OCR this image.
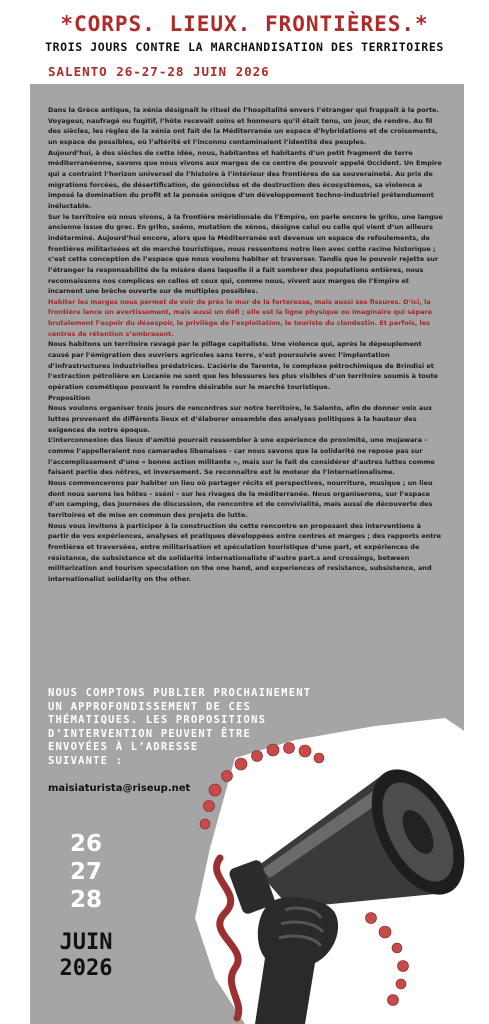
*CORPS. LIEUX. FRONTIÈRES.*
TROIS JOURS CONTRE LA MARCHANDISATION DES TERRITOIRES
SALENTO 26-27-28 JUIN 2026

Dans la Grèce antique, la xénia désignait le rituel de l’hospitalité envers l’étranger qui frappait à la porte. Voyageur, naufragé ou fugitif, l’hôte recevait soins et honneurs qu’il était tenu, un jour, de rendre. Au fil des siècles, les règles de la xénia ont fait de la Méditerranée un espace d’hybridations et de croisements, un espace de possibles, où l’altérité et l’inconnu contaminaient l’identité des peuples.

Aujourd’hui, à des siècles de cette idée, nous, habitantes et habitants d’un petit fragment de terre méditerranéenne, savons que nous vivons aux marges de ce centre de pouvoir appelé Occident. Un Empire qui a contraint l’horizon universel de l’histoire à l’intérieur des frontières de sa souveraineté. Au prix de migrations forcées, de désertification, de génocides et de destruction des écosystèmes, sa violence a imposé la domination du profit et la pensée unique d’un développement techno-industriel prétendument inéluctable.

Sur le territoire où nous vivons, à la frontière méridionale de l’Empire, on parle encore le griko, une langue ancienne issue du grec. En griko, sséno, mutation de xénos, désigne celui ou celle qui vient d’un ailleurs indéterminé. Aujourd’hui encore, alors que la Méditerranée est devenue un espace de refoulements, de frontières militarisées et de marché touristique, nous ressentons notre lien avec cette racine historique ; c’est cette conception de l’espace que nous voulons habiter et traverser. Tandis que le pouvoir rejette sur l’étranger la responsabilité de la misère dans laquelle il a fait sombrer des populations entières, nous reconnaissons nos complices en celles et ceux qui, comme nous, vivent aux marges de l’Empire et incarnent une brèche ouverte sur de multiples possibles.

Habiter les marges nous permet de voir de près le mur de la forteresse, mais aussi ses fissures. D’ici, la frontière lance un avertissement, mais aussi un défi ; elle est la ligne physique ou imaginaire qui sépare brutalement l’espoir du désespoir, le privilège de l’exploitation, le touriste du clandestin. Et parfois, les centres de rétention s’embrasent.

Nous habitons un territoire ravagé par le pillage capitaliste. Une violence qui, après le dépeuplement causé par l’émigration des ouvriers agricoles sans terre, s’est poursuivie avec l’implantation d’infrastructures industrielles prédatrices. L’aciérie de Tarente, le complexe pétrochimique de Brindisi et l’extraction pétrolière en Lucanie ne sont que les blessures les plus visibles d’un territoire soumis à toute opération cosmétique pouvant le rendre désirable sur le marché touristique.

Proposition

Nous voulons organiser trois jours de rencontres sur notre territoire, le Salento, afin de donner voix aux luttes provenant de différents lieux et d’élaborer ensemble des analyses politiques à la hauteur des exigences de notre époque.

L’interconnexion des lieux d’amitié pourrait ressembler à une expérience de proximité, une mujawara - comme l’appelleraient nos camarades libanaises - car nous savons que la solidarité ne repose pas sur l’accomplissement d’une « bonne action militante », mais sur le fait de considérer d’autres luttes comme faisant partie des nôtres, et inversement. Se reconnaître est le moteur de l’internationalisme.

Nous commencerons par habiter un lieu où partager récits et perspectives, nourriture, musique ; un lieu dont nous serons les hôtes – sséni – sur les rivages de la méditerranée. Nous organiserons, sur l’espace d’un camping, des journées de discussion, de rencontre et de convivialité, mais aussi de découverte des territoires et de mise en commun des projets de lutte.

Nous vous invitons à participer à la construction de cette rencontre en proposant des interventions à partir de vos expériences, analyses et pratiques développées entre centres et marges ; des rapports entre frontières et traversées, entre militarisation et spéculation touristique d’une part, et expériences de résistance, de subsistance et de solidarité internationaliste d’autre part.s and crossings, between militarization and tourism speculation on the one hand, and experiences of resistance, subsistence, and internationalist solidarity on the other.

NOUS COMPTONS PUBLIER PROCHAINEMENT
UN APPROFONDISSEMENT DE CES
THÉMATIQUES. LES PROPOSITIONS
D’INTERVENTION PEUVENT ÊTRE
ENVOYÉES À L’ADRESSE
SUIVANTE :
maisiaturista@riseup.net
26
27
28
JUIN
2026
